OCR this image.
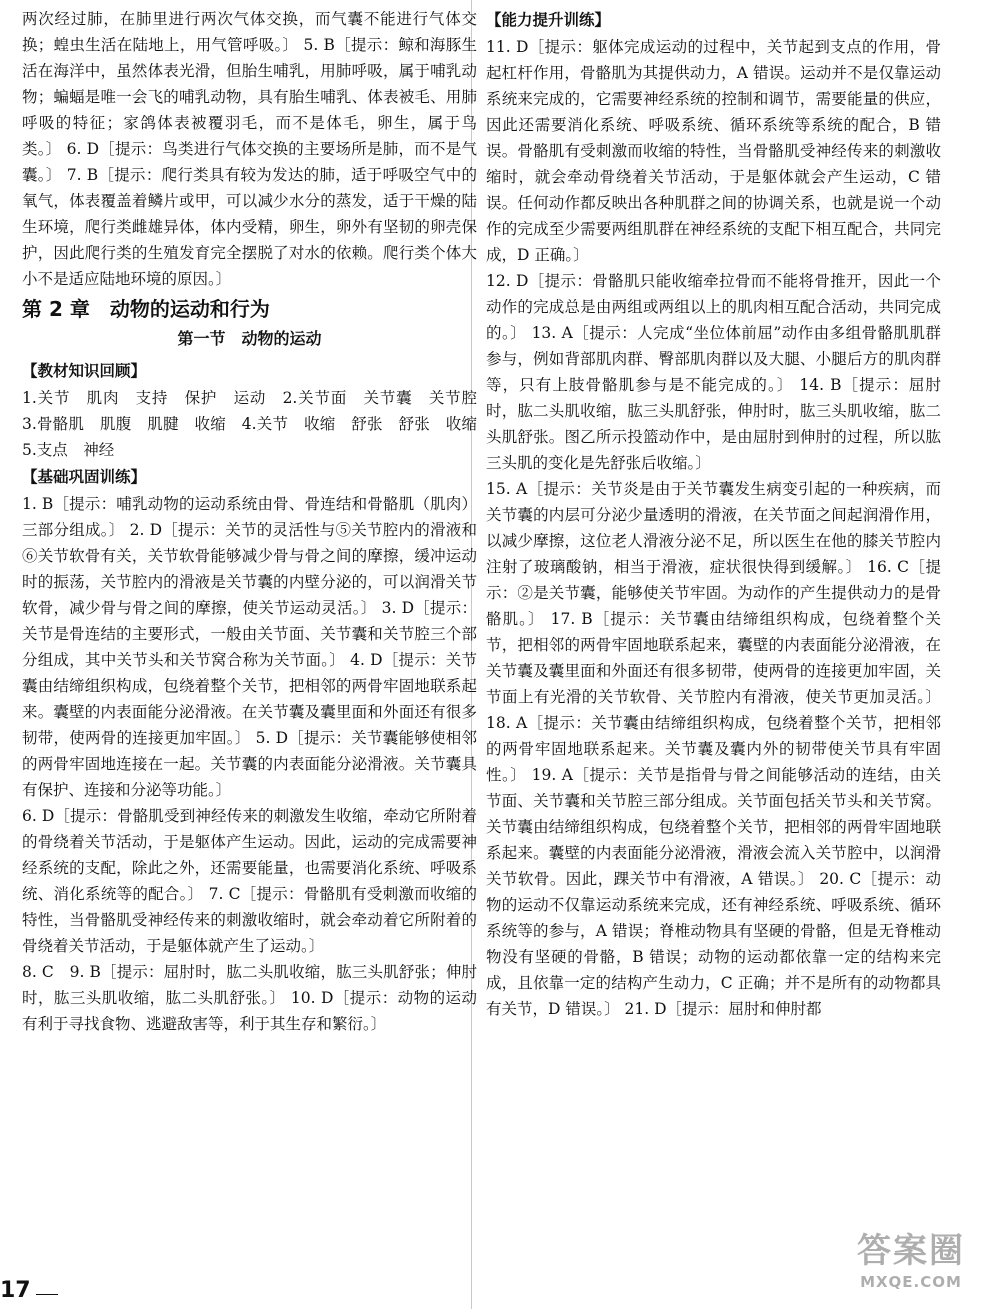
两次经过肺，在肺里进行两次气体交换，而气囊不能进行气体交换；蝗虫生活在陆地上，用气管呼吸。〕 5. B［提示：鲸和海豚生活在海洋中，虽然体表光滑，但胎生哺乳，用肺呼吸，属于哺乳动物；蝙蝠是唯一会飞的哺乳动物，具有胎生哺乳、体表被毛、用肺呼吸的特征；家鸽体表被覆羽毛，而不是体毛，卵生，属于鸟类。〕 6. D［提示：鸟类进行气体交换的主要场所是肺，而不是气囊。〕 7. B［提示：爬行类具有较为发达的肺，适于呼吸空气中的氧气，体表覆盖着鳞片或甲，可以减少水分的蒸发，适于干燥的陆生环境，爬行类雌雄异体，体内受精，卵生，卵外有坚韧的卵壳保护，因此爬行类的生殖发育完全摆脱了对水的依赖。爬行类个体大小不是适应陆地环境的原因。〕

第 2 章　动物的运动和行为
第一节　动物的运动
【教材知识回顾】

1.关节　肌肉　支持　保护　运动　2.关节面　关节囊　关节腔　3.骨骼肌　肌腹　肌腱　收缩　4.关节　收缩　舒张　舒张　收缩　5.支点　神经

【基础巩固训练】

1. B［提示：哺乳动物的运动系统由骨、骨连结和骨骼肌（肌肉）三部分组成。〕 2. D［提示：关节的灵活性与⑤关节腔内的滑液和⑥关节软骨有关，关节软骨能够减少骨与骨之间的摩擦，缓冲运动时的振荡，关节腔内的滑液是关节囊的内壁分泌的，可以润滑关节软骨，减少骨与骨之间的摩擦，使关节运动灵活。〕 3. D［提示：关节是骨连结的主要形式，一般由关节面、关节囊和关节腔三个部分组成，其中关节头和关节窝合称为关节面。〕 4. D［提示：关节囊由结缔组织构成，包绕着整个关节，把相邻的两骨牢固地联系起来。囊壁的内表面能分泌滑液。在关节囊及囊里面和外面还有很多韧带，使两骨的连接更加牢固。〕 5. D［提示：关节囊能够使相邻的两骨牢固地连接在一起。关节囊的内表面能分泌滑液。关节囊具有保护、连接和分泌等功能。〕

6. D［提示：骨骼肌受到神经传来的刺激发生收缩，牵动它所附着的骨绕着关节活动，于是躯体产生运动。因此，运动的完成需要神经系统的支配，除此之外，还需要能量，也需要消化系统、呼吸系统、消化系统等的配合。〕 7. C［提示：骨骼肌有受刺激而收缩的特性，当骨骼肌受神经传来的刺激收缩时，就会牵动着它所附着的骨绕着关节活动，于是躯体就产生了运动。〕

8. C　9. B［提示：屈肘时，肱二头肌收缩，肱三头肌舒张；伸肘时，肱三头肌收缩，肱二头肌舒张。〕 10. D［提示：动物的运动有利于寻找食物、逃避敌害等，利于其生存和繁衍。〕

【能力提升训练】

11. D［提示：躯体完成运动的过程中，关节起到支点的作用，骨起杠杆作用，骨骼肌为其提供动力，A 错误。运动并不是仅靠运动系统来完成的，它需要神经系统的控制和调节，需要能量的供应，因此还需要消化系统、呼吸系统、循环系统等系统的配合，B 错误。骨骼肌有受刺激而收缩的特性，当骨骼肌受神经传来的刺激收缩时，就会牵动骨绕着关节活动，于是躯体就会产生运动，C 错误。任何动作都反映出各种肌群之间的协调关系，也就是说一个动作的完成至少需要两组肌群在神经系统的支配下相互配合，共同完成，D 正确。〕

12. D［提示：骨骼肌只能收缩牵拉骨而不能将骨推开，因此一个动作的完成总是由两组或两组以上的肌肉相互配合活动，共同完成的。〕 13. A［提示：人完成“坐位体前屈”动作由多组骨骼肌肌群参与，例如背部肌肉群、臀部肌肉群以及大腿、小腿后方的肌肉群等，只有上肢骨骼肌参与是不能完成的。〕 14. B［提示：屈肘时，肱二头肌收缩，肱三头肌舒张，伸肘时，肱三头肌收缩，肱二头肌舒张。图乙所示投篮动作中，是由屈肘到伸肘的过程，所以肱三头肌的变化是先舒张后收缩。〕

15. A［提示：关节炎是由于关节囊发生病变引起的一种疾病，而关节囊的内层可分泌少量透明的滑液，在关节面之间起润滑作用，以减少摩擦，这位老人滑液分泌不足，所以医生在他的膝关节腔内注射了玻璃酸钠，相当于滑液，症状很快得到缓解。〕 16. C［提示：②是关节囊，能够使关节牢固。为动作的产生提供动力的是骨骼肌。〕 17. B［提示：关节囊由结缔组织构成，包绕着整个关节，把相邻的两骨牢固地联系起来，囊壁的内表面能分泌滑液，在关节囊及囊里面和外面还有很多韧带，使两骨的连接更加牢固，关节面上有光滑的关节软骨、关节腔内有滑液，使关节更加灵活。〕 18. A［提示：关节囊由结缔组织构成，包绕着整个关节，把相邻的两骨牢固地联系起来。关节囊及囊内外的韧带使关节具有牢固性。〕 19. A［提示：关节是指骨与骨之间能够活动的连结，由关节面、关节囊和关节腔三部分组成。关节面包括关节头和关节窝。关节囊由结缔组织构成，包绕着整个关节，把相邻的两骨牢固地联系起来。囊壁的内表面能分泌滑液，滑液会流入关节腔中，以润滑关节软骨。因此，踝关节中有滑液，A 错误。〕 20. C［提示：动物的运动不仅靠运动系统来完成，还有神经系统、呼吸系统、循环系统等的参与，A 错误；脊椎动物具有坚硬的骨骼，但是无脊椎动物没有坚硬的骨骼，B 错误；动物的运动都依靠一定的结构来完成，且依靠一定的结构产生动力，C 正确；并不是所有的动物都具有关节，D 错误。〕 21. D［提示：屈肘和伸肘都

17
答案圈
MXQE.COM
